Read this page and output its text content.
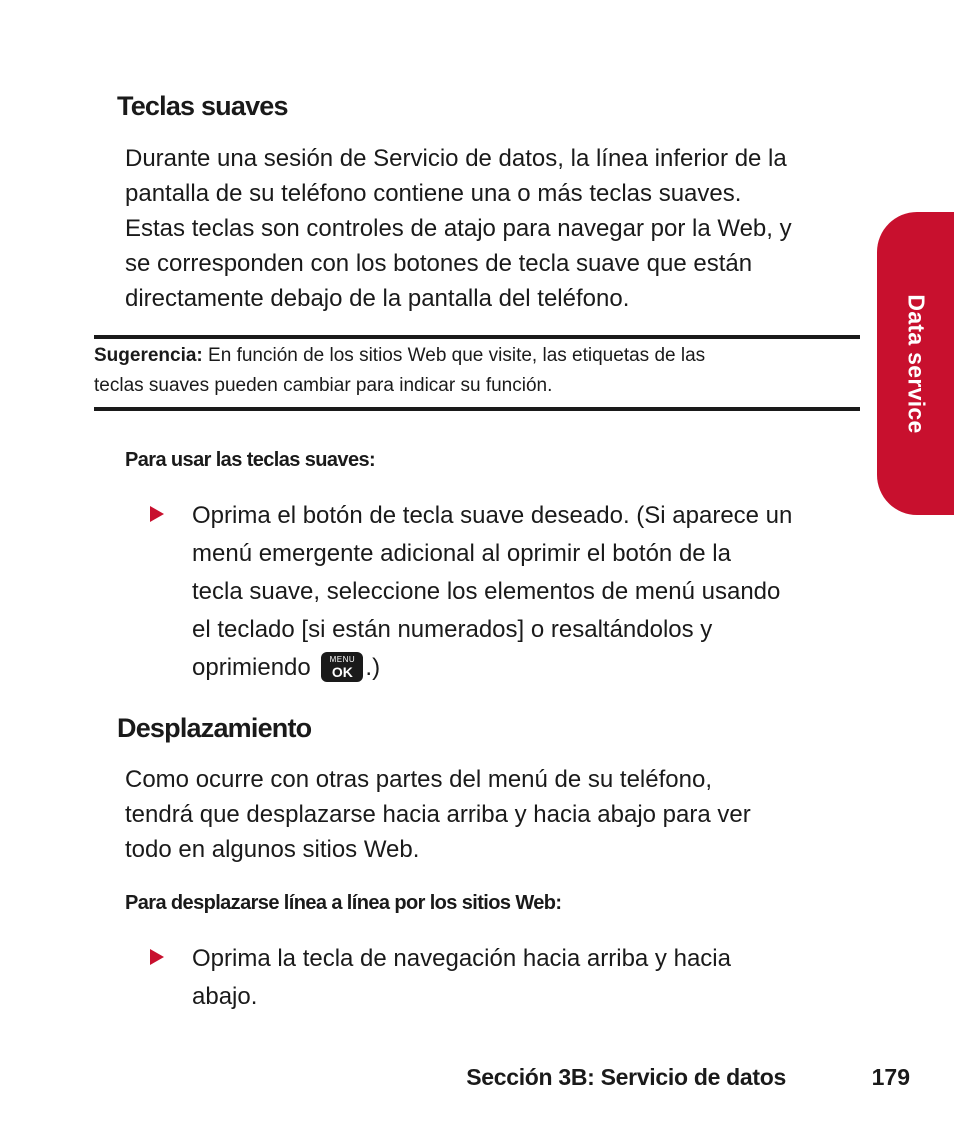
Teclas suaves

Durante una sesión de Servicio de datos, la línea inferior de la

pantalla de su teléfono contiene una o más teclas suaves.

Estas teclas son controles de atajo para navegar por la Web, y

se corresponden con los botones de tecla suave que están

directamente debajo de la pantalla del teléfono.

Sugerencia: En función de los sitios Web que visite, las etiquetas de las
teclas suaves pueden cambiar para indicar su función.
Para usar las teclas suaves:
Oprima el botón de tecla suave deseado. (Si aparece un
menú emergente adicional al oprimir el botón de la
tecla suave, seleccione los elementos de menú usando
el teclado [si están numerados] o resaltándolos y
oprimiendo	MENU
OK .)
Desplazamiento

Como ocurre con otras partes del menú de su teléfono,

tendrá que desplazarse hacia arriba y hacia abajo para ver

todo en algunos sitios Web.

Para desplazarse línea a línea por los sitios Web:
Oprima la tecla de navegación hacia arriba y hacia
abajo.
Data service
Sección 3B: Servicio de datos	179
